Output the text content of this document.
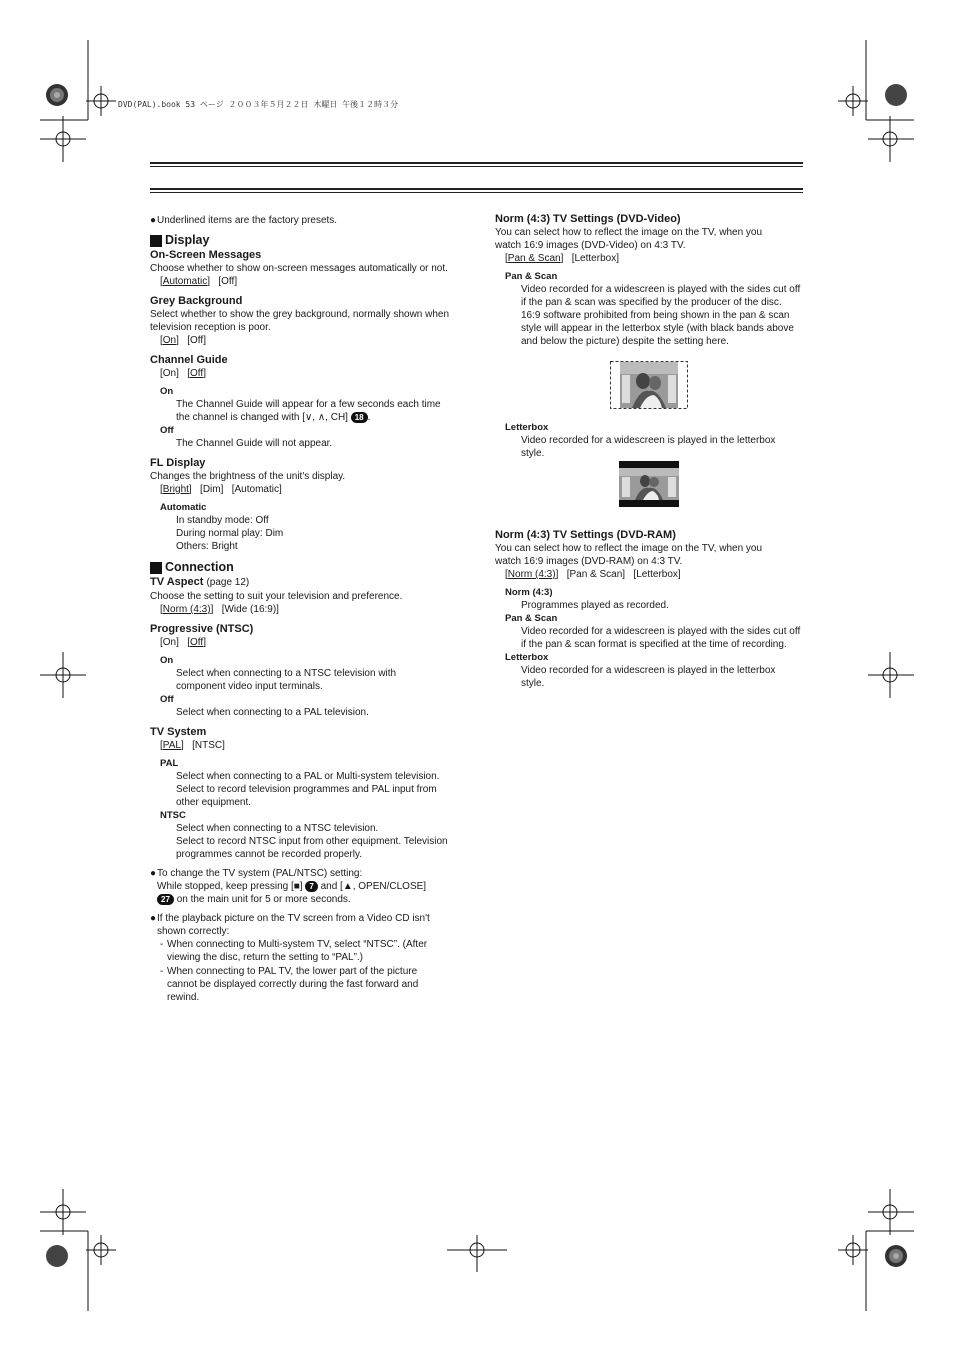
DVD(PAL).book 53 ページ ２００３年５月２２日 木曜日 午後１２時３分
● Underlined items are the factory presets.
Display
On-Screen Messages

Choose whether to show on-screen messages automatically or not.

[Automatic]   [Off]

Grey Background

Select whether to show the grey background, normally shown when television reception is poor.

[On]   [Off]

Channel Guide

[On]   [Off]

On

The Channel Guide will appear for a few seconds each time
the channel is changed with [∨, ∧, CH] 18 .

Off

The Channel Guide will not appear.

FL Display

Changes the brightness of the unit's display.

[Bright]   [Dim]   [Automatic]

Automatic

In standby mode: Off
During normal play: Dim
Others: Bright

Connection
TV Aspect (page 12)

Choose the setting to suit your television and preference.

[Norm (4:3)]   [Wide (16:9)]

Progressive (NTSC)

[On]   [Off]

On

Select when connecting to a NTSC television with component video input terminals.

Off

Select when connecting to a PAL television.

TV System

[PAL]   [NTSC]

PAL

Select when connecting to a PAL or Multi-system television.

Select to record television programmes and PAL input from other equipment.

NTSC

Select when connecting to a NTSC television.

Select to record NTSC input from other equipment. Television programmes cannot be recorded properly.

● To change the TV system (PAL/NTSC) setting:
While stopped, keep pressing [■] 7 and [▲, OPEN/CLOSE]
27 on the main unit for 5 or more seconds.
● If the playback picture on the TV screen from a Video CD isn't shown correctly:
- When connecting to Multi-system TV, select “NTSC”. (After viewing the disc, return the setting to “PAL”.)
- When connecting to PAL TV, the lower part of the picture cannot be displayed correctly during the fast forward and rewind.
Norm (4:3) TV Settings (DVD-Video)

You can select how to reflect the image on the TV, when you watch 16:9 images (DVD-Video) on 4:3 TV.

[Pan & Scan]   [Letterbox]

Pan & Scan

Video recorded for a widescreen is played with the sides cut off if the pan & scan was specified by the producer of the disc. 16:9 software prohibited from being shown in the pan & scan style will appear in the letterbox style (with black bands above and below the picture) despite the setting here.

Letterbox

Video recorded for a widescreen is played in the letterbox style.

Norm (4:3) TV Settings (DVD-RAM)

You can select how to reflect the image on the TV, when you watch 16:9 images (DVD-RAM) on 4:3 TV.

[Norm (4:3)]   [Pan & Scan]   [Letterbox]

Norm (4:3)

Programmes played as recorded.

Pan & Scan

Video recorded for a widescreen is played with the sides cut off if the pan & scan format is specified at the time of recording.

Letterbox

Video recorded for a widescreen is played in the letterbox style.
